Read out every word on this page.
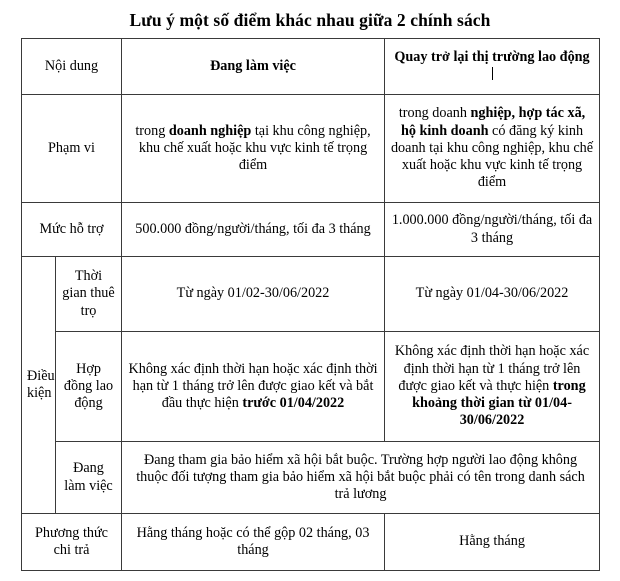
Lưu ý một số điểm khác nhau giữa 2 chính sách
Nội dung		Đang làm việc	Quay trở lại thị trường lao động

Phạm vi		trong doanh nghiệp tại khu công nghiệp, khu chế xuất hoặc khu vực kinh tế trọng điểm	trong doanh nghiệp, hợp tác xã, hộ kinh doanh có đăng ký kinh doanh tại khu công nghiệp, khu chế xuất hoặc khu vực kinh tế trọng điểm

Mức hỗ trợ		500.000 đồng/người/tháng, tối đa 3 tháng	1.000.000 đồng/người/tháng, tối đa 3 tháng

Điều kiện	Thời gian thuê trọ	Từ ngày 01/02-30/06/2022	Từ ngày 01/04-30/06/2022

	Hợp đồng lao động	Không xác định thời hạn hoặc xác định thời hạn từ 1 tháng trở lên được giao kết và bắt đầu thực hiện trước 01/04/2022	Không xác định thời hạn hoặc xác định thời hạn từ 1 tháng trở lên được giao kết và thực hiện trong khoảng thời gian từ 01/04-30/06/2022

	Đang làm việc	Đang tham gia bảo hiểm xã hội bắt buộc. Trường hợp người lao động không thuộc đối tượng tham gia bảo hiểm xã hội bắt buộc phải có tên trong danh sách trả lương	

Phương thức chi trả		Hằng tháng hoặc có thể gộp 02 tháng, 03 tháng	Hằng tháng
